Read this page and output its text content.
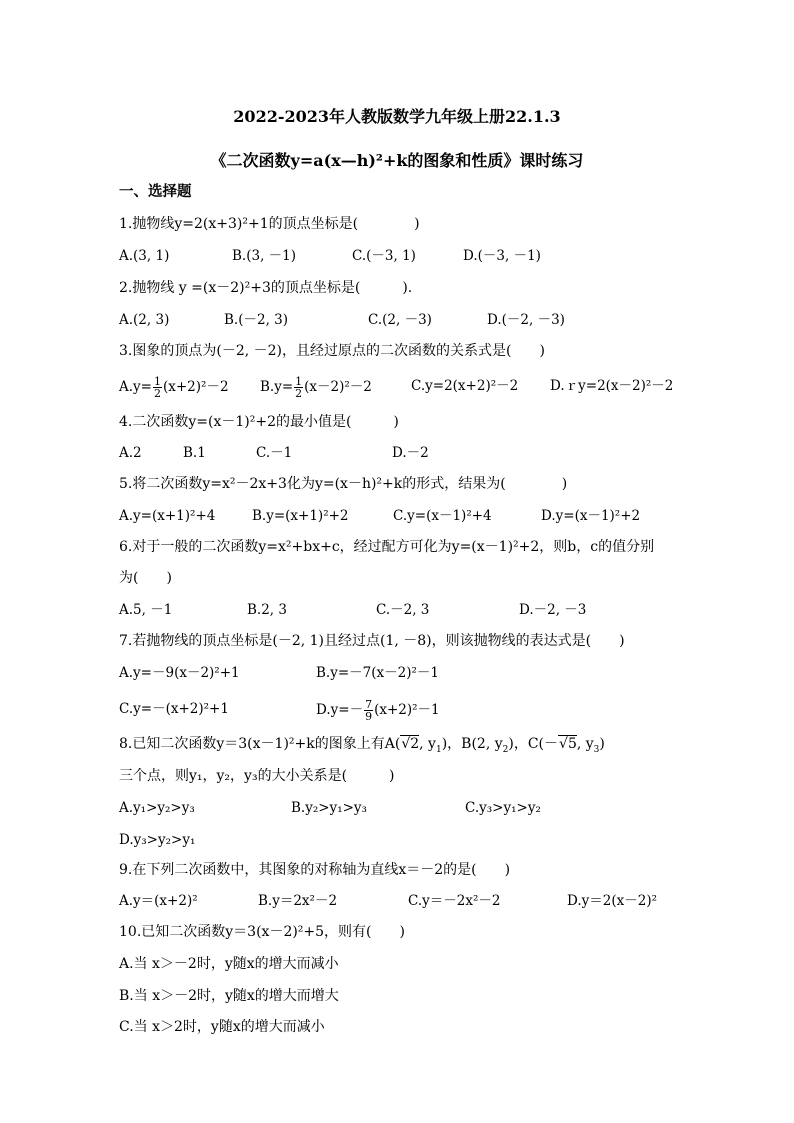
2022-2023年人教版数学九年级上册22.1.3
《二次函数y=a(x—h)²+k的图象和性质》课时练习
一、选择题
1.抛物线y=2(x+3)²+1的顶点坐标是(　　　　)
A.(3, 1)	B.(3, －1)	C.(－3, 1)	D.(－3, －1)
2.抛物线 y =(x－2)²+3的顶点坐标是(　　　).
A.(2, 3)	B.(－2, 3)	C.(2, －3)	D.(－2, －3)
3.图象的顶点为(－2, －2)，且经过原点的二次函数的关系式是(　　)
$A.y= \frac{1}{2} (x+2)^2-2$ $B.y= \frac{1}{2} (x-2)^2-2$	C.y=2(x+2)²－2 D.ｒy=2(x－2)²－2
4.二次函数y=(x－1)²+2的最小值是(　　　)
A.2	B.1	C.－1	D.－2
5.将二次函数y=x²－2x+3化为y=(x－h)²+k的形式，结果为(　　　　)
A.y=(x+1)²+4	B.y=(x+1)²+2	C.y=(x－1)²+4	D.y=(x－1)²+2
6.对于一般的二次函数y=x²+bx+c，经过配方可化为y=(x－1)²+2，则b，c的值分别
为(　　)
A.5, －1	B.2, 3	C.－2, 3	D.－2, －3
7.若抛物线的顶点坐标是(－2, 1)且经过点(1, －8)，则该抛物线的表达式是(　　)
A.y=－9(x－2)²+1	B.y=－7(x－2)²－1
C.y=－(x+2)²+1	$D.y=- \frac{7}{9} (x+2)^2-1$
8.已知二次函数y＝3(x－1)²+k的图象上有A(√2, $y_1$)，B(2, $y_2$)，C(－√5, $y_3$)
三个点，则y₁，y₂，y₃的大小关系是(　　　)
A.y₁>y₂>y₃	B.y₂>y₁>y₃	C.y₃>y₁>y₂
D.y₃>y₂>y₁
9.在下列二次函数中，其图象的对称轴为直线x＝－2的是(　　)
A.y＝(x+2)²	B.y＝2x²－2	C.y＝－2x²－2	D.y＝2(x－2)²
10.已知二次函数y＝3(x－2)²+5，则有(　　)
A.当 x＞－2时，y随x的增大而减小
B.当 x＞－2时，y随x的增大而增大
C.当 x＞2时，y随x的增大而减小
